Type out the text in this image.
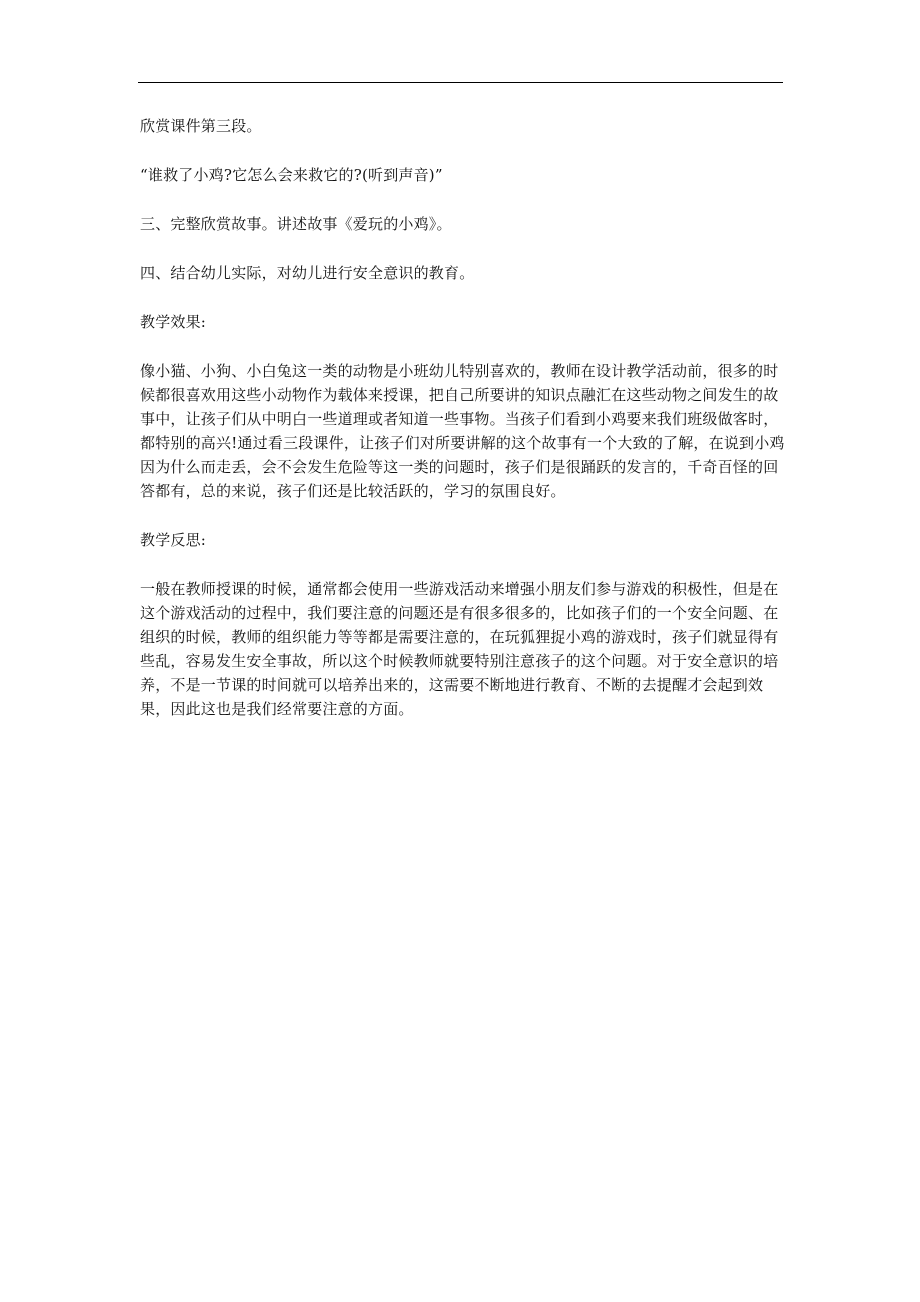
欣赏课件第三段。

“谁救了小鸡?它怎么会来救它的?(听到声音)”

三、完整欣赏故事。讲述故事《爱玩的小鸡》。

四、结合幼儿实际，对幼儿进行安全意识的教育。

教学效果:

像小猫、小狗、小白兔这一类的动物是小班幼儿特别喜欢的，教师在设计教学活动前，很多的时候都很喜欢用这些小动物作为载体来授课，把自己所要讲的知识点融汇在这些动物之间发生的故事中，让孩子们从中明白一些道理或者知道一些事物。当孩子们看到小鸡要来我们班级做客时，都特别的高兴!通过看三段课件，让孩子们对所要讲解的这个故事有一个大致的了解，在说到小鸡因为什么而走丢，会不会发生危险等这一类的问题时，孩子们是很踊跃的发言的，千奇百怪的回答都有，总的来说，孩子们还是比较活跃的，学习的氛围良好。

教学反思:

一般在教师授课的时候，通常都会使用一些游戏活动来增强小朋友们参与游戏的积极性，但是在这个游戏活动的过程中，我们要注意的问题还是有很多很多的，比如孩子们的一个安全问题、在组织的时候，教师的组织能力等等都是需要注意的，在玩狐狸捉小鸡的游戏时，孩子们就显得有些乱，容易发生安全事故，所以这个时候教师就要特别注意孩子的这个问题。对于安全意识的培养，不是一节课的时间就可以培养出来的，这需要不断地进行教育、不断的去提醒才会起到效果，因此这也是我们经常要注意的方面。
